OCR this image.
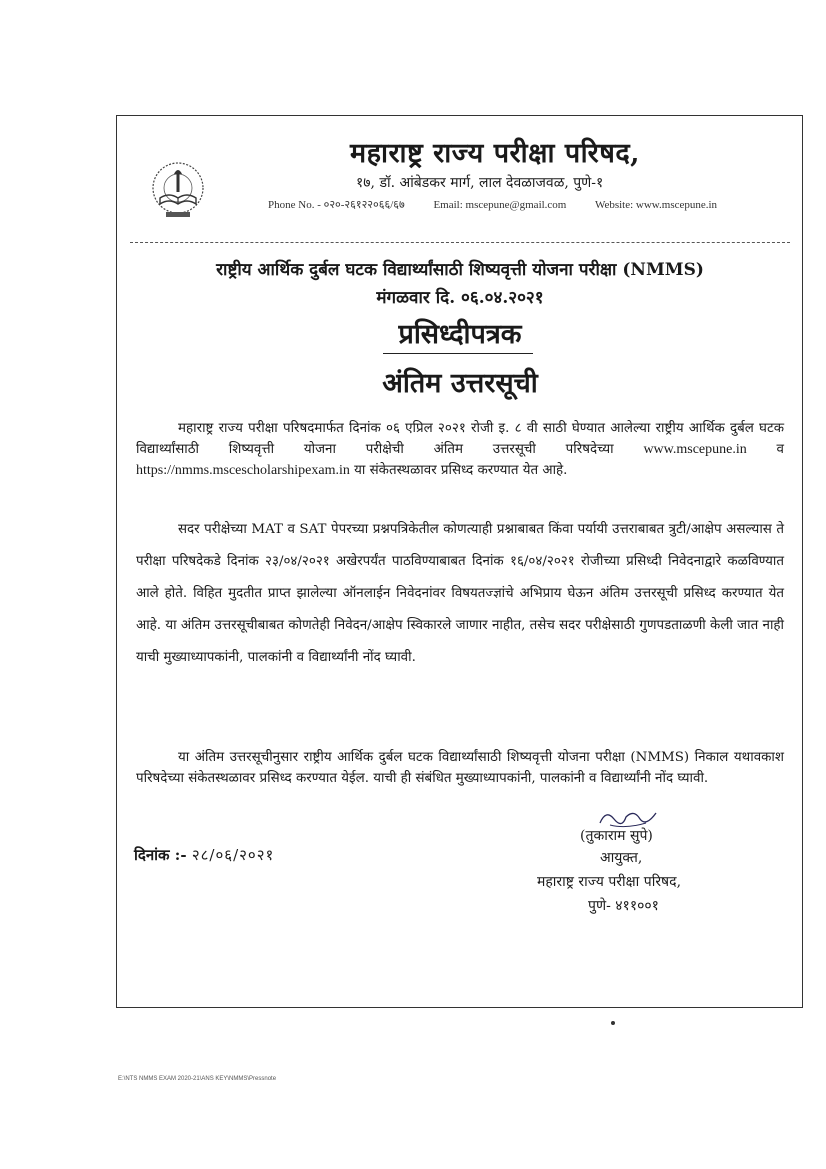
महाराष्ट्र राज्य परीक्षा परिषद,
१७, डॉ. आंबेडकर मार्ग, लाल देवळाजवळ, पुणे-१
Phone No. - ०२०-२६१२२०६६/६७	Email: mscepune@gmail.com	Website: www.mscepune.in
राष्ट्रीय आर्थिक दुर्बल घटक विद्यार्थ्यांसाठी शिष्यवृत्ती योजना परीक्षा (NMMS)
मंगळवार दि. ०६.०४.२०२१
प्रसिध्दीपत्रक
अंतिम उत्तरसूची

महाराष्ट्र राज्य परीक्षा परिषदमार्फत दिनांक ०६ एप्रिल २०२१ रोजी इ. ८ वी साठी घेण्यात आलेल्या राष्ट्रीय आर्थिक दुर्बल घटक विद्यार्थ्यांसाठी शिष्यवृत्ती योजना परीक्षेची अंतिम उत्तरसूची परिषदेच्या www.mscepune.in व https://nmms.mscescholarshipexam.in या संकेतस्थळावर प्रसिध्द करण्यात येत आहे.

सदर परीक्षेच्या MAT व SAT पेपरच्या प्रश्नपत्रिकेतील कोणत्याही प्रश्नाबाबत किंवा पर्यायी उत्तराबाबत त्रुटी/आक्षेप असल्यास ते परीक्षा परिषदेकडे दिनांक २३/०४/२०२१ अखेरपर्यंत पाठविण्याबाबत दिनांक १६/०४/२०२१ रोजीच्या प्रसिध्दी निवेदनाद्वारे कळविण्यात आले होते. विहित मुदतीत प्राप्त झालेल्या ऑनलाईन निवेदनांवर विषयतज्ज्ञांचे अभिप्राय घेऊन अंतिम उत्तरसूची प्रसिध्द करण्यात येत आहे. या अंतिम उत्तरसूचीबाबत कोणतेही निवेदन/आक्षेप स्विकारले जाणार नाहीत, तसेच सदर परीक्षेसाठी गुणपडताळणी केली जात नाही याची मुख्याध्यापकांनी, पालकांनी व विद्यार्थ्यांनी नोंद घ्यावी.

या अंतिम उत्तरसूचीनुसार राष्ट्रीय आर्थिक दुर्बल घटक विद्यार्थ्यांसाठी शिष्यवृत्ती योजना परीक्षा (NMMS) निकाल यथावकाश परिषदेच्या संकेतस्थळावर प्रसिध्द करण्यात येईल. याची ही संबंधित मुख्याध्यापकांनी, पालकांनी व विद्यार्थ्यांनी नोंद घ्यावी.

(तुकाराम सुपे)
आयुक्त,
महाराष्ट्र राज्य परीक्षा परिषद,
पुणे- ४११००१
दिनांक :- २८/०६/२०२१
E:\NTS NMMS EXAM 2020-21\ANS KEY\NMMS\Pressnote
